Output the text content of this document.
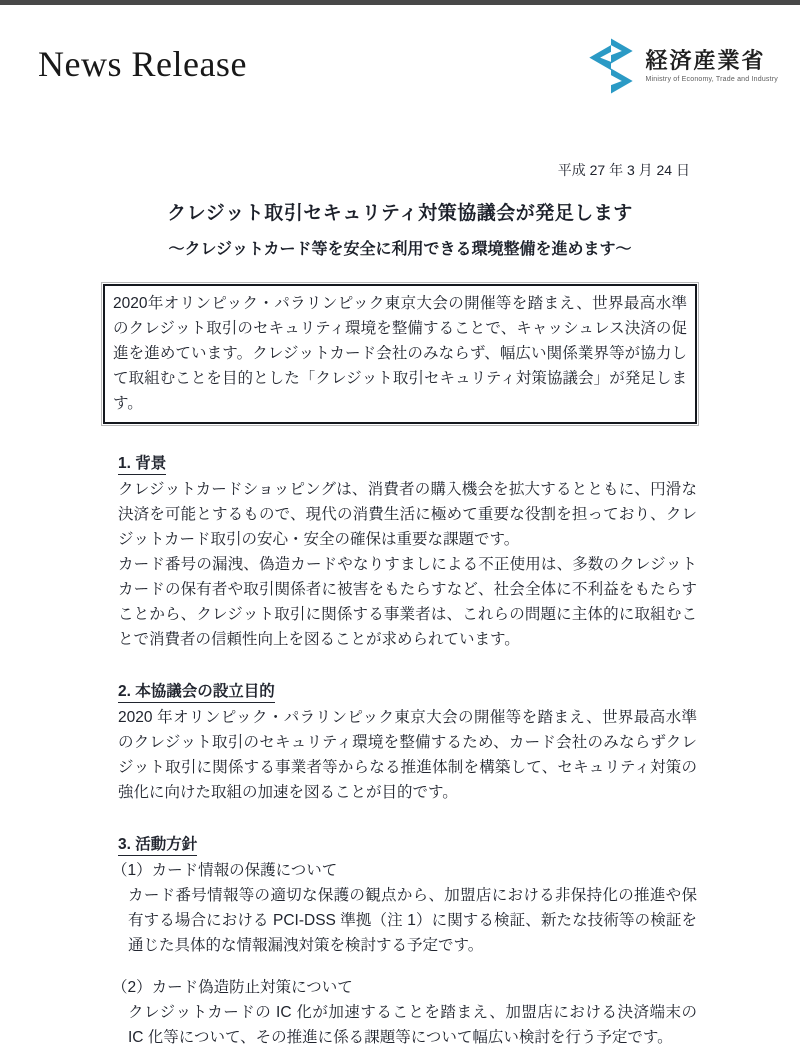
News Release	経済産業省
Ministry of Economy, Trade and Industry
平成 27 年 3 月 24 日
クレジット取引セキュリティ対策協議会が発足します
～クレジットカード等を安全に利用できる環境整備を進めます～
2020年オリンピック・パラリンピック東京大会の開催等を踏まえ、世界最高水準のクレジット取引のセキュリティ環境を整備することで、キャッシュレス決済の促進を進めています。クレジットカード会社のみならず、幅広い関係業界等が協力して取組むことを目的とした「クレジット取引セキュリティ対策協議会」が発足します。
1. 背景

クレジットカードショッピングは、消費者の購入機会を拡大するとともに、円滑な決済を可能とするもので、現代の消費生活に極めて重要な役割を担っており、クレジットカード取引の安心・安全の確保は重要な課題です。

カード番号の漏洩、偽造カードやなりすましによる不正使用は、多数のクレジットカードの保有者や取引関係者に被害をもたらすなど、社会全体に不利益をもたらすことから、クレジット取引に関係する事業者は、これらの問題に主体的に取組むことで消費者の信頼性向上を図ることが求められています。

2. 本協議会の設立目的

2020 年オリンピック・パラリンピック東京大会の開催等を踏まえ、世界最高水準のクレジット取引のセキュリティ環境を整備するため、カード会社のみならずクレジット取引に関係する事業者等からなる推進体制を構築して、セキュリティ対策の強化に向けた取組の加速を図ることが目的です。

3. 活動方針

（1）カード情報の保護について

カード番号情報等の適切な保護の観点から、加盟店における非保持化の推進や保有する場合における PCI-DSS 準拠（注 1）に関する検証、新たな技術等の検証を通じた具体的な情報漏洩対策を検討する予定です。

（2）カード偽造防止対策について

クレジットカードの IC 化が加速することを踏まえ、加盟店における決済端末の IC 化等について、その推進に係る課題等について幅広い検討を行う予定です。
